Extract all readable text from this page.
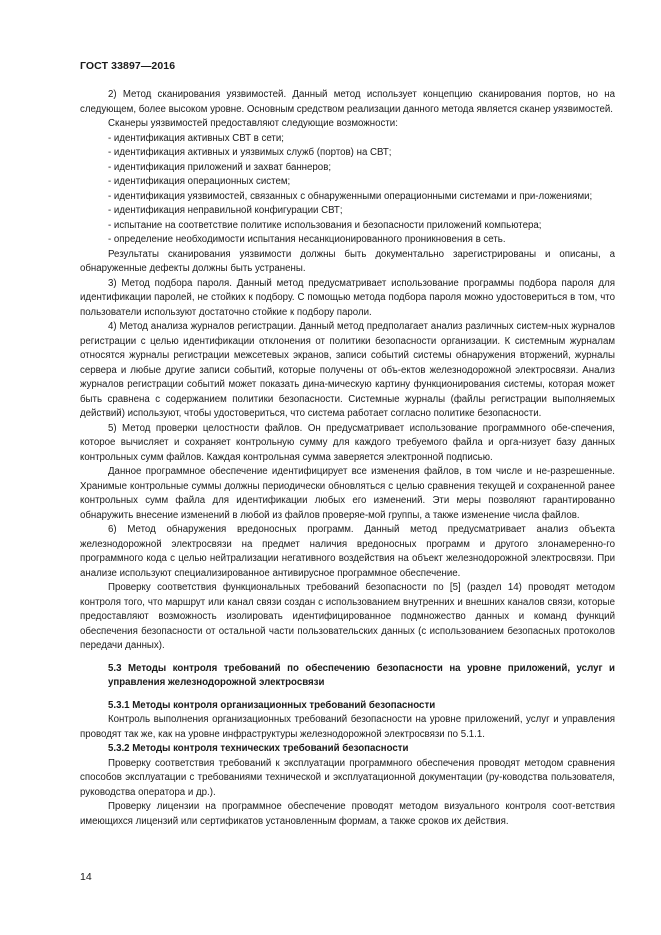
ГОСТ 33897—2016

2) Метод сканирования уязвимостей. Данный метод использует концепцию сканирования портов, но на следующем, более высоком уровне. Основным средством реализации данного метода является сканер уязвимостей.

Сканеры уязвимостей предоставляют следующие возможности:

- идентификация активных СВТ в сети;

- идентификация активных и уязвимых служб (портов) на СВТ;

- идентификация приложений и захват баннеров;

- идентификация операционных систем;

- идентификация уязвимостей, связанных с обнаруженными операционными системами и при-ложениями;

- идентификация неправильной конфигурации СВТ;

- испытание на соответствие политике использования и безопасности приложений компьютера;

- определение необходимости испытания несанкционированного проникновения в сеть.

Результаты сканирования уязвимости должны быть документально зарегистрированы и описаны, а обнаруженные дефекты должны быть устранены.

3) Метод подбора пароля. Данный метод предусматривает использование программы подбора пароля для идентификации паролей, не стойких к подбору. С помощью метода подбора пароля можно удостовериться в том, что пользователи используют достаточно стойкие к подбору пароли.

4) Метод анализа журналов регистрации. Данный метод предполагает анализ различных систем-ных журналов регистрации с целью идентификации отклонения от политики безопасности организации. К системным журналам относятся журналы регистрации межсетевых экранов, записи событий системы обнаружения вторжений, журналы сервера и любые другие записи событий, которые получены от объ-ектов железнодорожной электросвязи. Анализ журналов регистрации событий может показать дина-мическую картину функционирования системы, которая может быть сравнена с содержанием политики безопасности. Системные журналы (файлы регистрации выполняемых действий) используют, чтобы удостовериться, что система работает согласно политике безопасности.

5) Метод проверки целостности файлов. Он предусматривает использование программного обе-спечения, которое вычисляет и сохраняет контрольную сумму для каждого требуемого файла и орга-низует базу данных контрольных сумм файлов. Каждая контрольная сумма заверяется электронной подписью.

Данное программное обеспечение идентифицирует все изменения файлов, в том числе и не-разрешенные. Хранимые контрольные суммы должны периодически обновляться с целью сравнения текущей и сохраненной ранее контрольных сумм файла для идентификации любых его изменений. Эти меры позволяют гарантированно обнаружить внесение изменений в любой из файлов проверяе-мой группы, а также изменение числа файлов.

6) Метод обнаружения вредоносных программ. Данный метод предусматривает анализ объекта железнодорожной электросвязи на предмет наличия вредоносных программ и другого злонамеренно-го программного кода с целью нейтрализации негативного воздействия на объект железнодорожной электросвязи. При анализе используют специализированное антивирусное программное обеспечение.

Проверку соответствия функциональных требований безопасности по [5] (раздел 14) проводят методом контроля того, что маршрут или канал связи создан с использованием внутренних и внешних каналов связи, которые предоставляют возможность изолировать идентифицированное подмножество данных и команд функций обеспечения безопасности от остальной части пользовательских данных (с использованием безопасных протоколов передачи данных).

5.3 Методы контроля требований по обеспечению безопасности на уровне приложений, услуг и управления железнодорожной электросвязи

5.3.1 Методы контроля организационных требований безопасности

Контроль выполнения организационных требований безопасности на уровне приложений, услуг и управления проводят так же, как на уровне инфраструктуры железнодорожной электросвязи по 5.1.1.

5.3.2 Методы контроля технических требований безопасности

Проверку соответствия требований к эксплуатации программного обеспечения проводят методом сравнения способов эксплуатации с требованиями технической и эксплуатационной документации (ру-ководства пользователя, руководства оператора и др.).

Проверку лицензии на программное обеспечение проводят методом визуального контроля соот-ветствия имеющихся лицензий или сертификатов установленным формам, а также сроков их действия.

14
